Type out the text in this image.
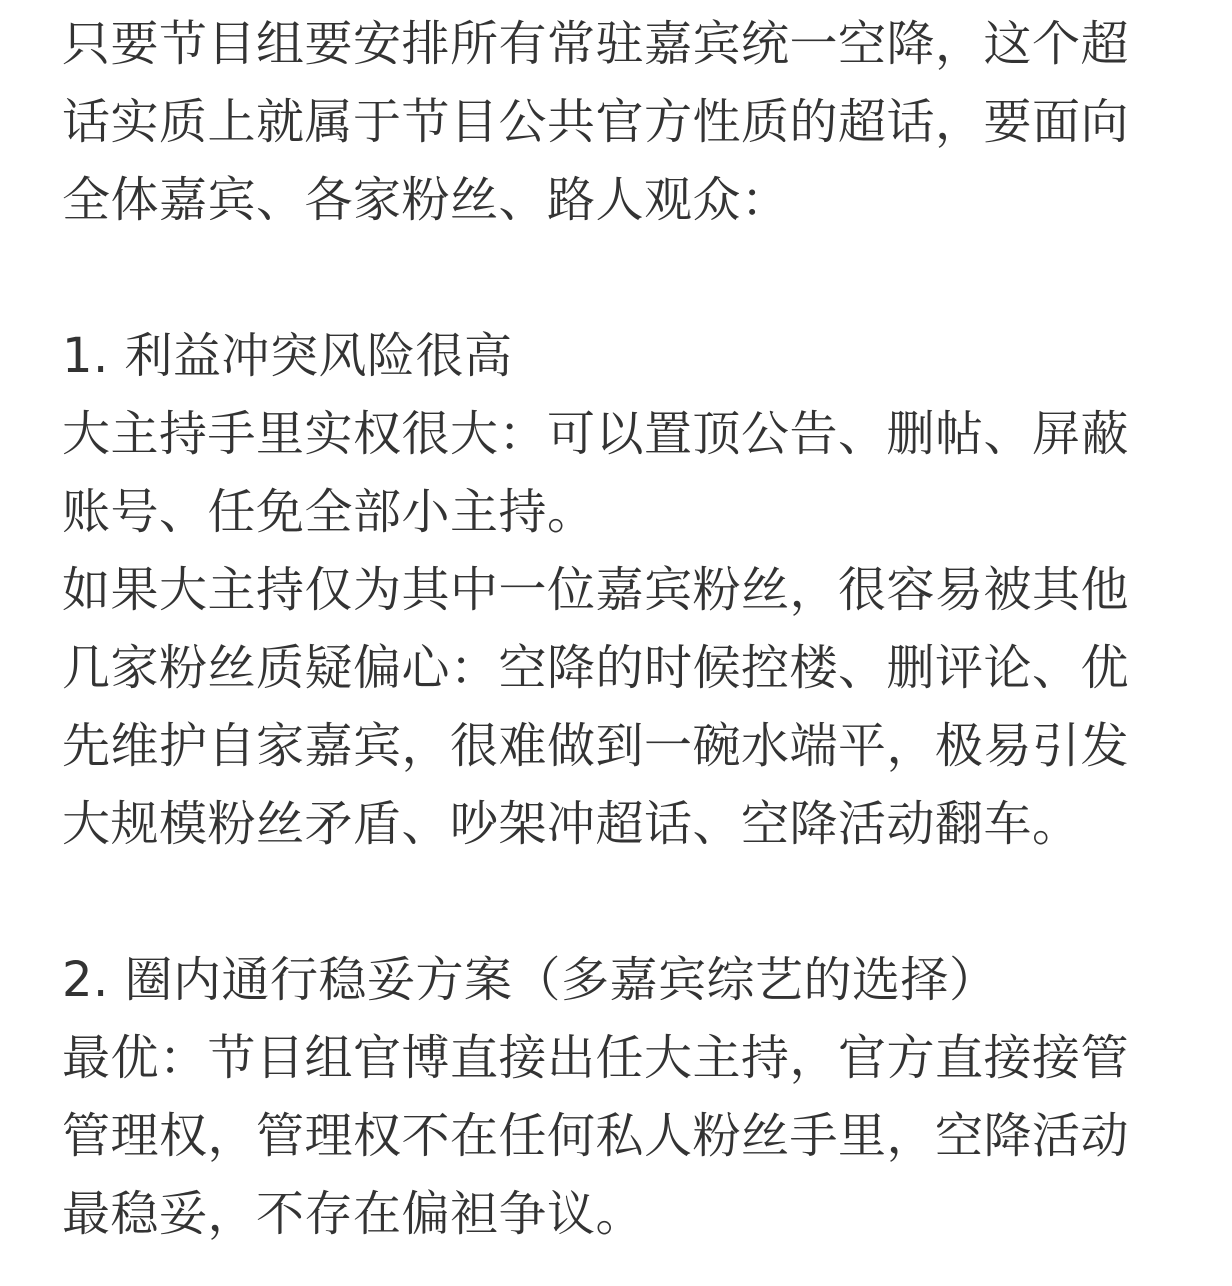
只要节目组要安排所有常驻嘉宾统一空降，这个超
话实质上就属于节目公共官方性质的超话，要面向
全体嘉宾、各家粉丝、路人观众：
1. 利益冲突风险很高
大主持手里实权很大：可以置顶公告、删帖、屏蔽
账号、任免全部小主持。
如果大主持仅为其中一位嘉宾粉丝，很容易被其他
几家粉丝质疑偏心：空降的时候控楼、删评论、优
先维护自家嘉宾，很难做到一碗水端平，极易引发
大规模粉丝矛盾、吵架冲超话、空降活动翻车。
2. 圈内通行稳妥方案（多嘉宾综艺的选择）
最优：节目组官博直接出任大主持，官方直接接管
管理权，管理权不在任何私人粉丝手里，空降活动
最稳妥，不存在偏袒争议。
